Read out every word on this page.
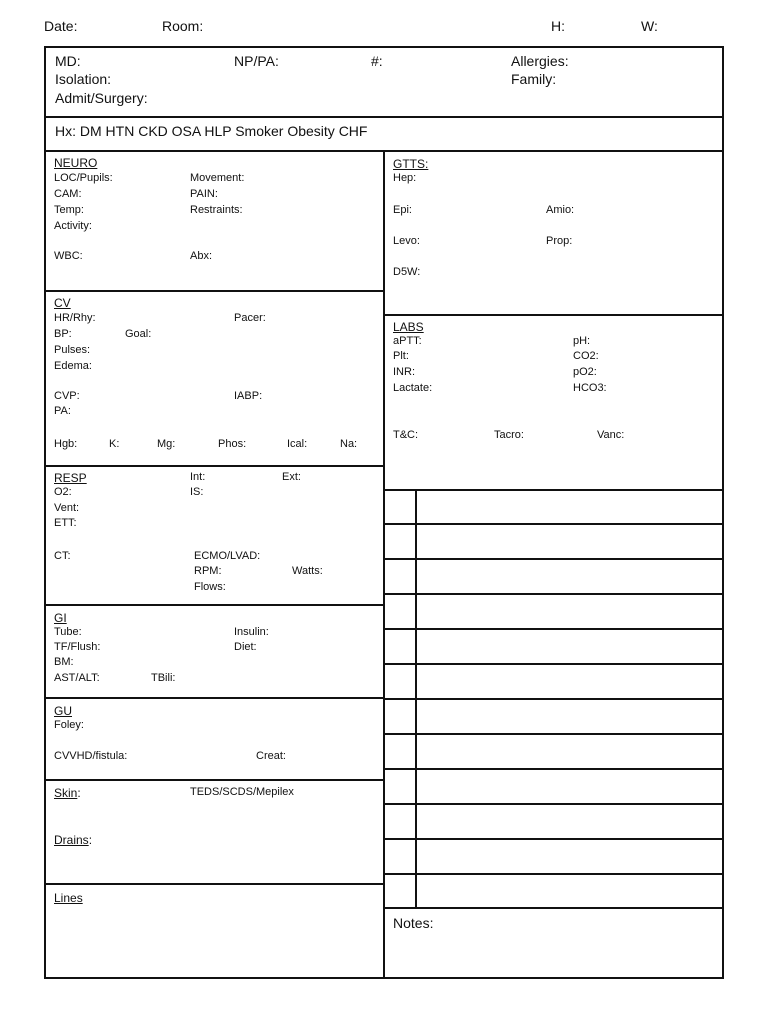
Date:	Room:	H:	W:
MD:	NP/PA:	#:	Allergies:
Isolation:	Family:
Admit/Surgery:
Hx: DM HTN CKD OSA HLP Smoker Obesity CHF
NEURO
LOC/Pupils:	Movement:
CAM:	PAIN:
Temp:	Restraints:
Activity:
WBC:	Abx:
CV
HR/Rhy:	Pacer:
BP:	Goal:
Pulses:
Edema:
CVP:	IABP:
PA:
Hgb:	K:	Mg:	Phos:	Ical:	Na:
RESP	Int:	Ext:
O2:	IS:
Vent:
ETT:
CT:	ECMO/LVAD:
RPM:	Watts:
Flows:
GI
Tube:	Insulin:
TF/Flush:	Diet:
BM:
AST/ALT:	TBili:
GU
Foley:
CVVHD/fistula:	Creat:
Skin:	TEDS/SCDS/Mepilex
Drains:
Lines
GTTS:
Hep:
Epi:	Amio:
Levo:	Prop:
D5W:
LABS
aPTT:	pH:
Plt:	CO2:
INR:	pO2:
Lactate:	HCO3:
T&C:	Tacro:	Vanc:
Notes:
